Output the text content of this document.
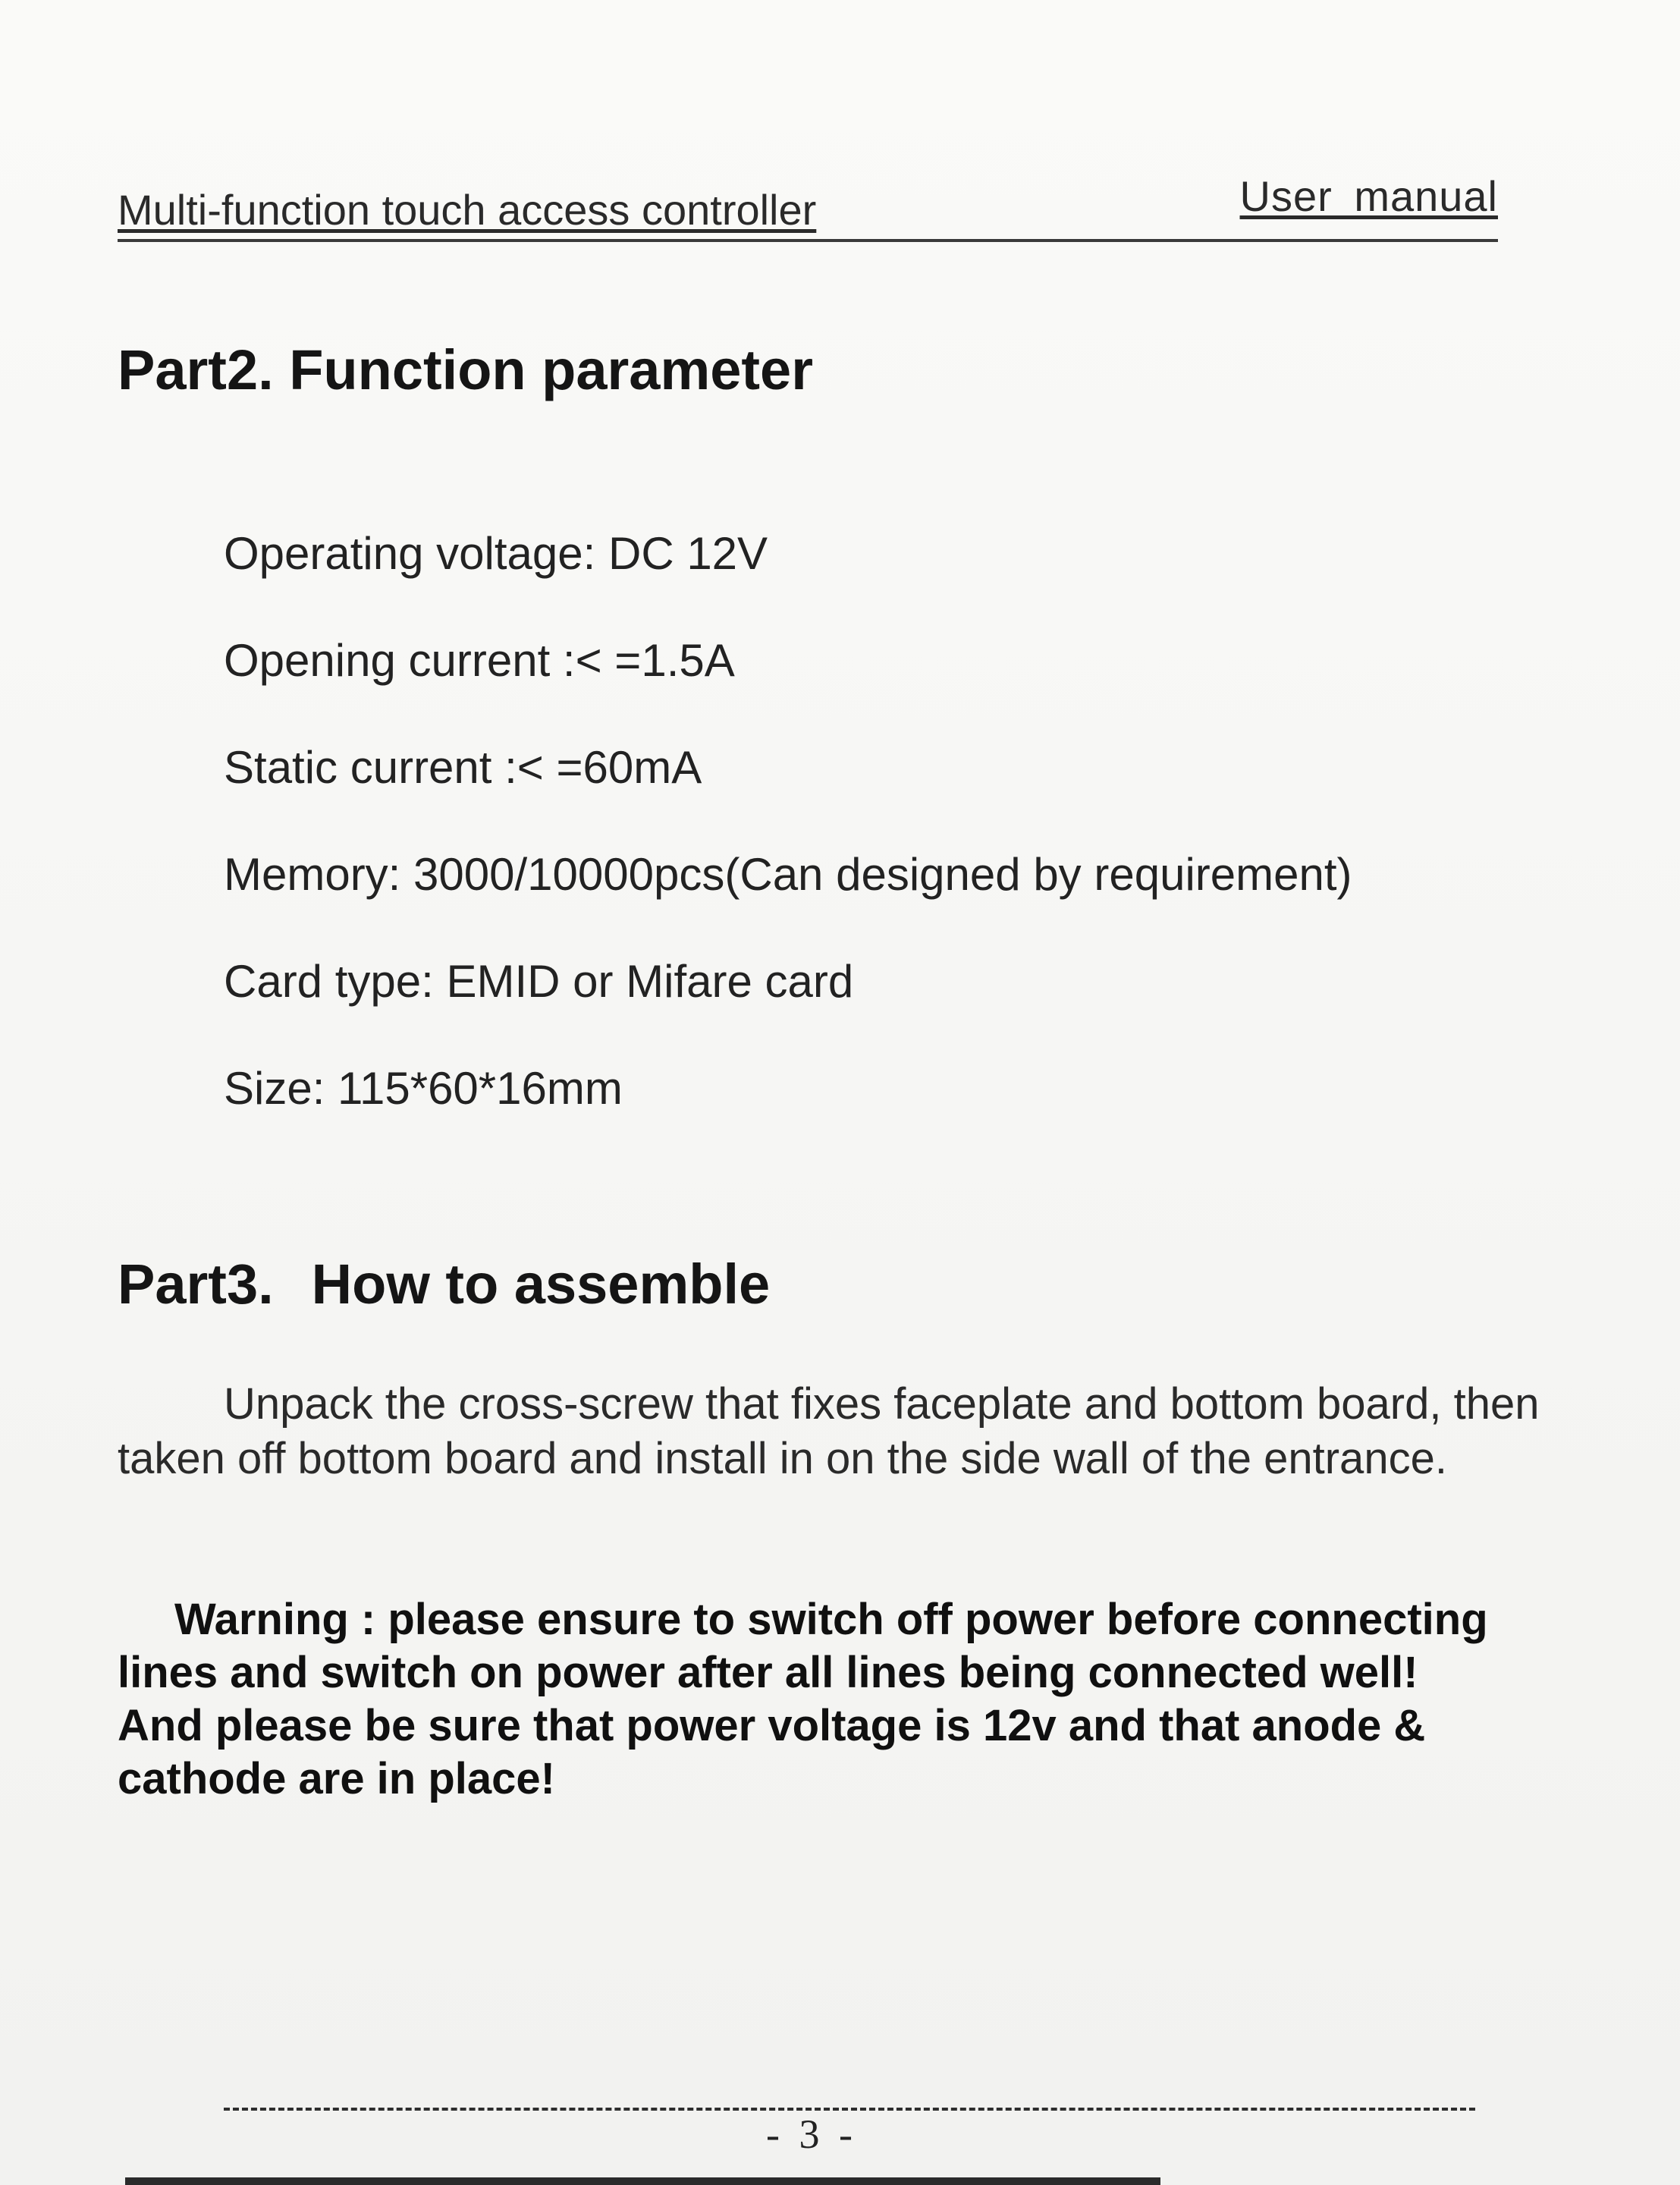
Multi-function touch access controller	User manual
Part2. Function parameter
Operating voltage: DC 12V
Opening current :< =1.5A
Static current :< =60mA
Memory: 3000/10000pcs(Can designed by requirement)
Card type: EMID or Mifare card
Size: 115*60*16mm
Part3. How to assemble

Unpack the cross-screw that fixes faceplate and bottom board, then taken off bottom board and install in on the side wall of the entrance.

Warning : please ensure to switch off power before connecting lines and switch on power after all lines being connected well! And please be sure that power voltage is 12v and that anode & cathode are in place!

- 3 -
